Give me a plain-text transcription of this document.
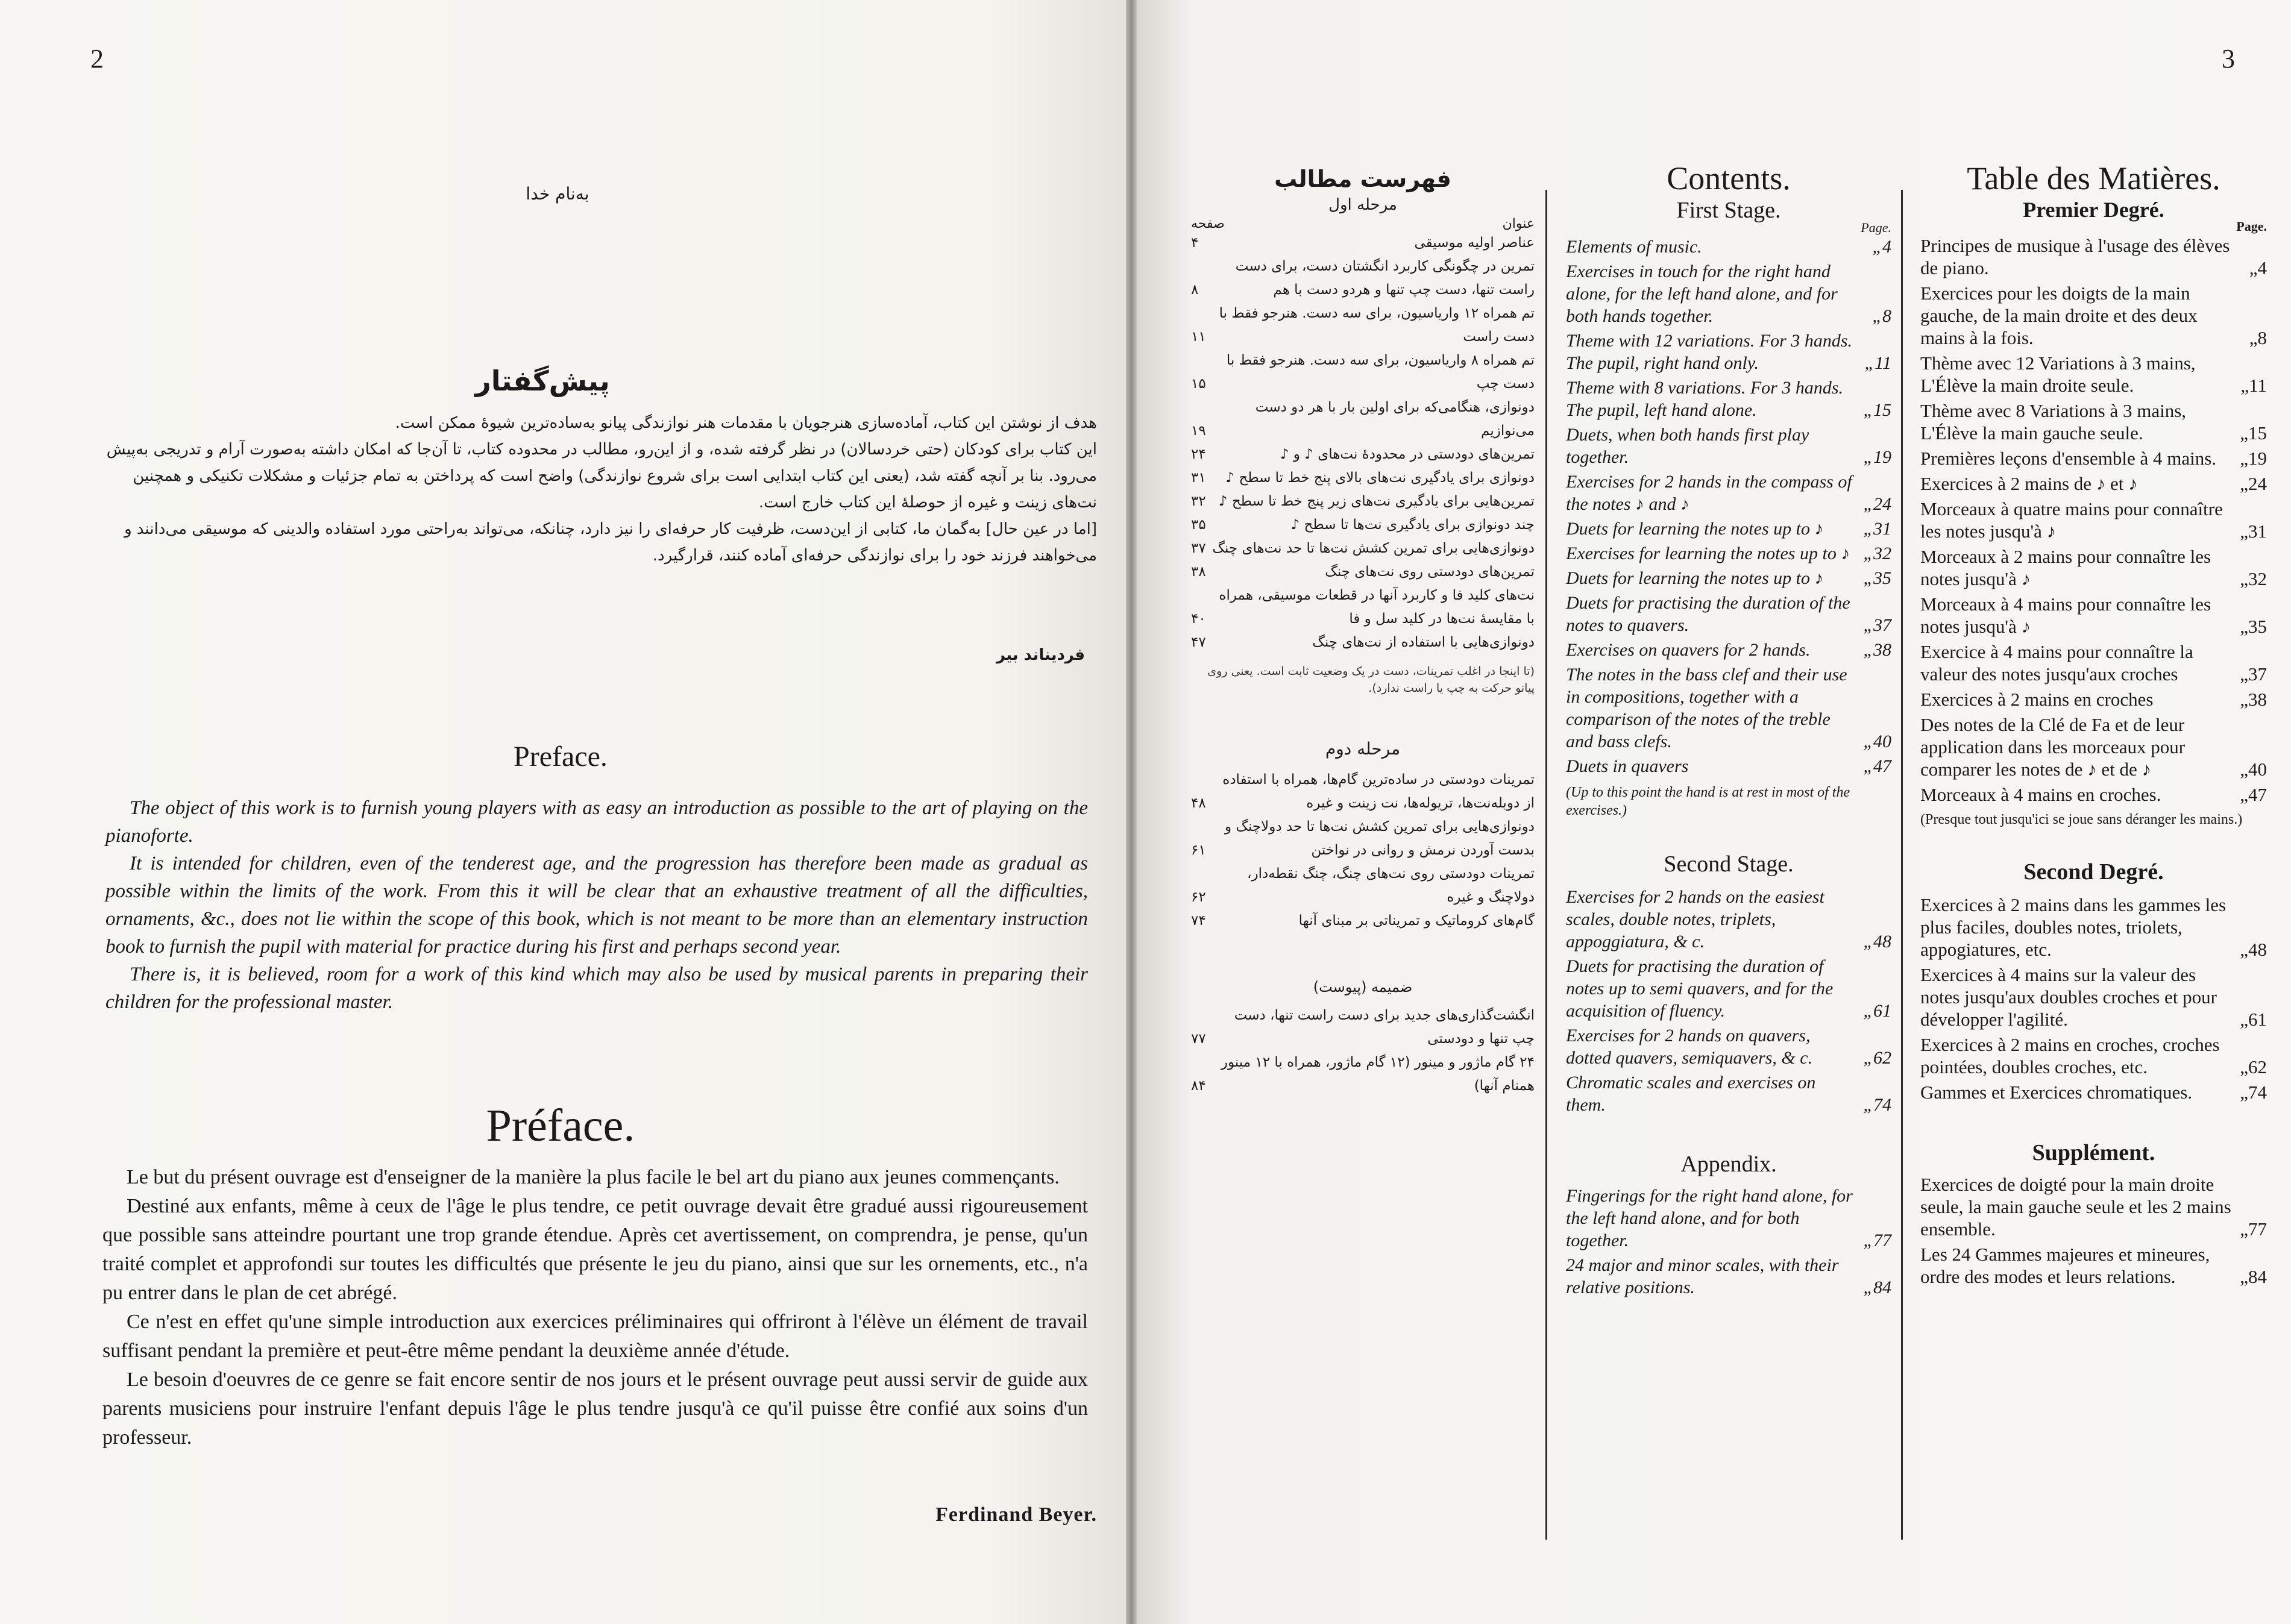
2
به‌نام خدا
پیش‌گفتار

هدف از نوشتن این کتاب، آماده‌سازی هنرجویان با مقدمات هنر نوازندگی پیانو به‌ساده‌ترین شیوهٔ ممکن است.

این کتاب برای کودکان (حتی خردسالان) در نظر گرفته شده، و از این‌رو، مطالب در محدوده کتاب، تا آن‌جا که امکان داشته به‌صورت آرام و تدریجی به‌پیش می‌رود. بنا بر آنچه گفته شد، (یعنی این کتاب ابتدایی است برای شروع نوازندگی) واضح است که پرداختن به تمام جزئیات و مشکلات تکنیکی و همچنین نت‌های زینت و غیره از حوصلهٔ این کتاب خارج است.

[اما در عین حال] به‌گمان ما، کتابی از این‌دست، ظرفیت کار حرفه‌ای را نیز دارد، چنانکه، می‌تواند به‌راحتی مورد استفاده والدینی که موسیقی می‌دانند و می‌خواهند فرزند خود را برای نوازندگی حرفه‌ای آماده کنند، قرارگیرد.

فردیناند بیر
Preface.

The object of this work is to furnish young players with as easy an introduction as possible to the art of playing on the pianoforte.

It is intended for children, even of the tenderest age, and the progression has therefore been made as gradual as possible within the limits of the work. From this it will be clear that an exhaustive treatment of all the difficulties, ornaments, &c., does not lie within the scope of this book, which is not meant to be more than an elementary instruction book to furnish the pupil with material for practice during his first and perhaps second year.

There is, it is believed, room for a work of this kind which may also be used by musical parents in preparing their children for the professional master.

Préface.

Le but du présent ouvrage est d'enseigner de la manière la plus facile le bel art du piano aux jeunes commençants.

Destiné aux enfants, même à ceux de l'âge le plus tendre, ce petit ouvrage devait être gradué aussi rigoureusement que possible sans atteindre pourtant une trop grande étendue. Après cet avertissement, on comprendra, je pense, qu'un traité complet et approfondi sur toutes les difficultés que présente le jeu du piano, ainsi que sur les ornements, etc., n'a pu entrer dans le plan de cet abrégé.

Ce n'est en effet qu'une simple introduction aux exercices préliminaires qui offriront à l'élève un élément de travail suffisant pendant la première et peut-être même pendant la deuxième année d'étude.

Le besoin d'oeuvres de ce genre se fait encore sentir de nos jours et le présent ouvrage peut aussi servir de guide aux parents musiciens pour instruire l'enfant depuis l'âge le plus tendre jusqu'à ce qu'il puisse être confié aux soins d'un professeur.

Ferdinand Beyer.
3
فهرست مطالب
مرحله اول
عنوان
صفحه
عناصر اولیه موسیقی
۴
تمرین در چگونگی کاربرد انگشتان دست، برای دست راست تنها، دست چپ تنها و هردو دست با هم
۸
تم همراه ۱۲ واریاسیون، برای سه دست. هنرجو فقط با دست راست
۱۱
تم همراه ۸ واریاسیون، برای سه دست. هنرجو فقط با دست چپ
۱۵
دونوازی، هنگامی‌که برای اولین بار با هر دو دست می‌نوازیم
۱۹
تمرین‌های دودستی در محدودهٔ نت‌های ♪ و ♪
۲۴
دونوازی برای یادگیری نت‌های بالای پنج خط تا سطح ♪
۳۱
تمرین‌هایی برای یادگیری نت‌های زیر پنج خط تا سطح ♪
۳۲
چند دونوازی برای یادگیری نت‌ها تا سطح ♪
۳۵
دونوازی‌هایی برای تمرین کشش نت‌ها تا حد نت‌های چنگ
۳۷
تمرین‌های دودستی روی نت‌های چنگ
۳۸
نت‌های کلید فا و کاربرد آنها در قطعات موسیقی، همراه با مقایسهٔ نت‌ها در کلید سل و فا
۴۰
دونوازی‌هایی با استفاده از نت‌های چنگ
۴۷
(تا اینجا در اغلب تمرینات، دست در یک وضعیت ثابت است. یعنی روی پیانو حرکت به چپ یا راست ندارد).
مرحله دوم
تمرینات دودستی در ساده‌ترین گام‌ها، همراه با استفاده از دوبله‌نت‌ها، تریوله‌ها، نت زینت و غیره
۴۸
دونوازی‌هایی برای تمرین کشش نت‌ها تا حد دولاچنگ و بدست آوردن نرمش و روانی در نواختن
۶۱
تمرینات دودستی روی نت‌های چنگ، چنگ نقطه‌دار، دولاچنگ و غیره
۶۲
گام‌های کروماتیک و تمریناتی بر مبنای آنها
۷۴
ضمیمه (پیوست)
انگشت‌گذاری‌های جدید برای دست راست تنها، دست چپ تنها و دودستی
۷۷
۲۴ گام ماژور و مینور (۱۲ گام ماژور، همراه با ۱۲ مینور همنام آنها)
۸۴
Contents.
First Stage.
Page.
Elements of music.	„4
Exercises in touch for the right hand alone, for the left hand alone, and for both hands together.	„8
Theme with 12 variations. For 3 hands. The pupil, right hand only.	„11
Theme with 8 variations. For 3 hands. The pupil, left hand alone.	„15
Duets, when both hands first play together.	„19
Exercises for 2 hands in the compass of the notes ♪ and ♪	„24
Duets for learning the notes up to ♪	„31
Exercises for learning the notes up to ♪ „32
Duets for learning the notes up to ♪	„35
Duets for practising the duration of the notes to quavers.	„37
Exercises on quavers for 2 hands.	„38
The notes in the bass clef and their use in compositions, together with a comparison of the notes of the treble and bass clefs.	„40
Duets in quavers	„47
(Up to this point the hand is at rest in most of the exercises.)
Second Stage.
Exercises for 2 hands on the easiest scales, double notes, triplets, appoggiatura, & c.	„48
Duets for practising the duration of notes up to semi quavers, and for the acquisition of fluency.	„61
Exercises for 2 hands on quavers, dotted quavers, semiquavers, & c.	„62
Chromatic scales and exercises on them.	„74
Appendix.
Fingerings for the right hand alone, for the left hand alone, and for both together.	„77
24 major and minor scales, with their relative positions.	„84
Table des Matières.
Premier Degré.
Page.
Principes de musique à l'usage des élèves de piano.	„4
Exercices pour les doigts de la main gauche, de la main droite et des deux mains à la fois.	„8
Thème avec 12 Variations à 3 mains, L'Élève la main droite seule.	„11
Thème avec 8 Variations à 3 mains, L'Élève la main gauche seule.	„15
Premières leçons d'ensemble à 4 mains.	„19
Exercices à 2 mains de ♪ et ♪	„24
Morceaux à quatre mains pour connaître les notes jusqu'à ♪	„31
Morceaux à 2 mains pour connaître les notes jusqu'à ♪	„32
Morceaux à 4 mains pour connaître les notes jusqu'à ♪	„35
Exercice à 4 mains pour connaître la valeur des notes jusqu'aux croches	„37
Exercices à 2 mains en croches	„38
Des notes de la Clé de Fa et de leur application dans les morceaux pour comparer les notes de ♪ et de ♪	„40
Morceaux à 4 mains en croches.	„47
(Presque tout jusqu'ici se joue sans déranger les mains.)
Second Degré.
Exercices à 2 mains dans les gammes les plus faciles, doubles notes, triolets, appogiatures, etc.	„48
Exercices à 4 mains sur la valeur des notes jusqu'aux doubles croches et pour développer l'agilité.	„61
Exercices à 2 mains en croches, croches pointées, doubles croches, etc.	„62
Gammes et Exercices chromatiques.	„74
Supplément.
Exercices de doigté pour la main droite seule, la main gauche seule et les 2 mains ensemble.	„77
Les 24 Gammes majeures et mineures, ordre des modes et leurs relations.	„84
